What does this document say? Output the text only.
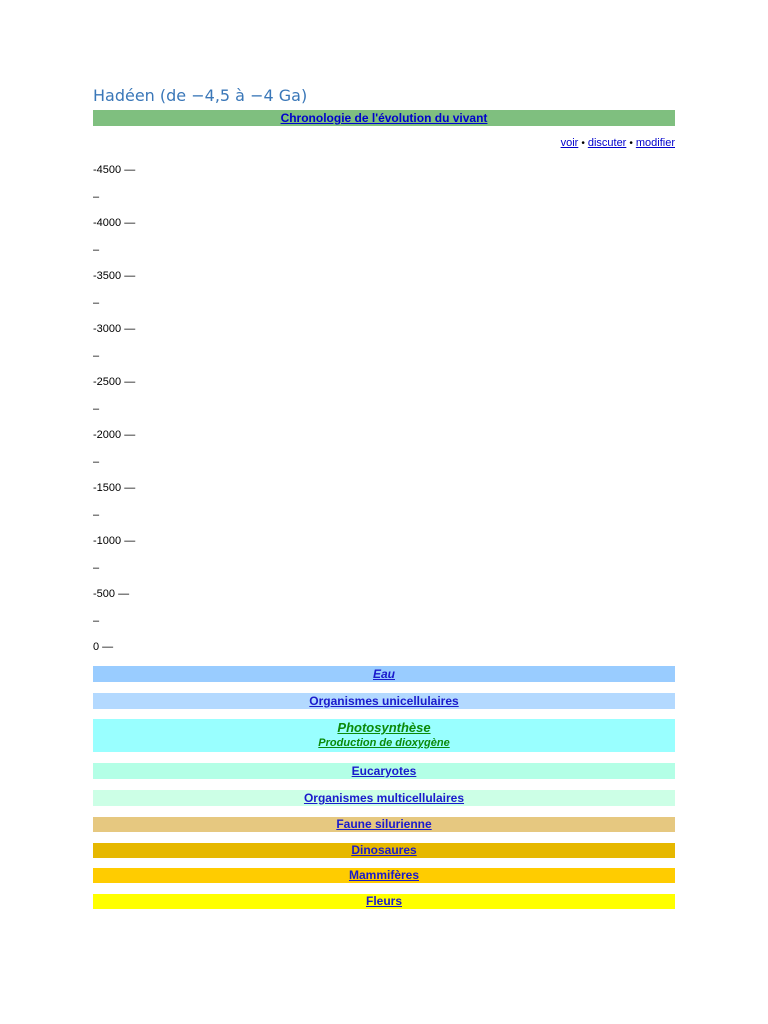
Hadéen (de −4,5 à −4 Ga)
Chronologie de l'évolution du vivant
voir • discuter • modifier
-4500 —
–
-4000 —
–
-3500 —
–
-3000 —
–
-2500 —
–
-2000 —
–
-1500 —
–
-1000 —
–
-500 —
–
0 —
Eau
Organismes unicellulaires
Photosynthèse
Production de dioxygène
Eucaryotes
Organismes multicellulaires
Faune silurienne
Dinosaures
Mammifères
Fleurs
